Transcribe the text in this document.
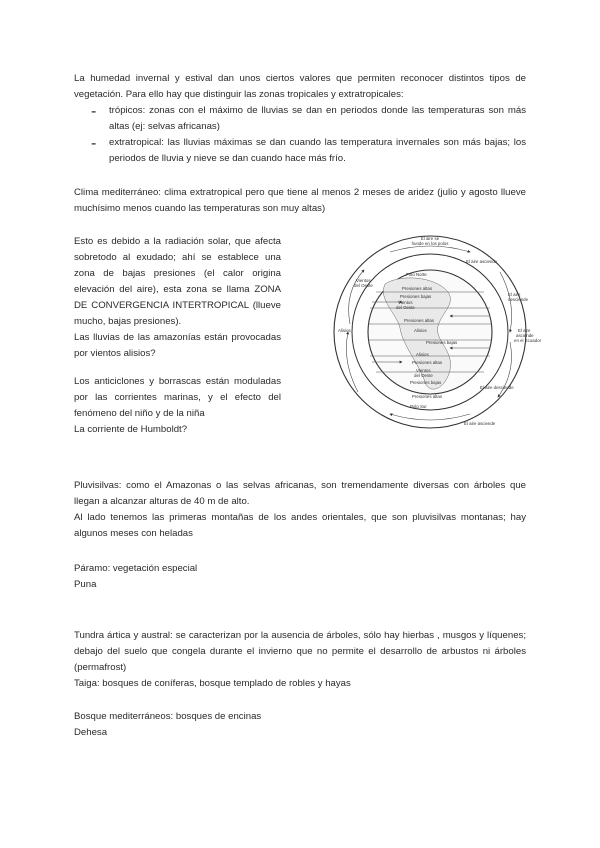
La humedad invernal y estival dan unos ciertos valores que permiten reconocer distintos tipos de vegetación. Para ello hay que distinguir las zonas tropicales y extratropicales:

- trópicos: zonas con el máximo de lluvias se dan en periodos donde las temperaturas son más altas (ej: selvas africanas)

- extratropical: las lluvias máximas se dan cuando las temperatura invernales son más bajas; los periodos de lluvia y nieve se dan cuando hace más frío.

Clima mediterráneo: clima extratropical pero que tiene al menos 2 meses de aridez (julio y agosto llueve muchísimo menos cuando las temperaturas son muy altas)

Esto es debido a la radiación solar, que afecta sobretodo al exudado; ahí se establece una zona de bajas presiones (el calor origina elevación del aire), esta zona se llama ZONA DE CONVERGENCIA INTERTROPICAL (llueve mucho, bajas presiones).

Las lluvias de las amazonías están provocadas por vientos alisios?

Los anticiclones y borrascas están moduladas por las corrientes marinas, y el efecto del fenómeno del niño y de la niña

La corriente de Humboldt?

El aire se
hunde en los polos
El aire asciende
El aire
desciende
El aire
asciende
en el Ecuador
El aire desciende
El aire asciende
Vientos
del Oeste
Alisios
Polo Norte
Presiones altas
Presiones bajas
Vientos
del Oeste
Presiones altas
Alisios
Presiones bajas
Alisios
Presiones altas
Vientos
del Oeste
Presiones bajas
Presiones altas
Polo Sur

Pluvisilvas: como el Amazonas o las selvas africanas, son tremendamente diversas con árboles que llegan a alcanzar alturas de 40 m de alto.

Al lado tenemos las primeras montañas de los andes orientales, que son pluvisilvas montanas; hay algunos meses con heladas

Páramo: vegetación especial

Puna

Tundra ártica y austral: se caracterizan por la ausencia de árboles, sólo hay hierbas , musgos y líquenes; debajo del suelo que congela durante el invierno que no permite el desarrollo de arbustos ni árboles (permafrost)

Taiga: bosques de coníferas, bosque templado de robles y hayas

Bosque mediterráneos: bosques de encinas

Dehesa
